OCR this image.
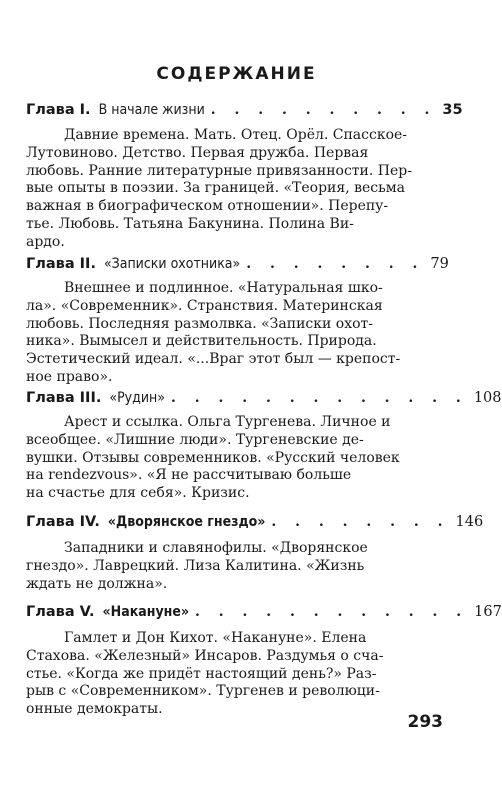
СОДЕРЖАНИЕ
Глава I. В начале жизни . . . . . . . . . . 35
Давние времена. Мать. Отец. Орёл. Спасское-
Лутовиново. Детство. Первая дружба. Первая
любовь. Ранние литературные привязанности. Пер-
вые опыты в поэзии. За границей. «Теория, весьма
важная в биографическом отношении». Перепу-
тье. Любовь. Татьяна Бакунина. Полина Ви-
ардо.
Глава II. «Записки охотника» . . . . . . . . 79
Внешнее и подлинное. «Натуральная шко-
ла». «Современник». Странствия. Материнская
любовь. Последняя размолвка. «Записки охот-
ника». Вымысел и действительность. Природа.
Эстетический идеал. «...Враг этот был — крепост-
ное право».
Глава III. «Рудин» . . . . . . . . . . . . . 108
Арест и ссылка. Ольга Тургенева. Личное и
всеобщее. «Лишние люди». Тургеневские де-
вушки. Отзывы современников. «Русский человек
на rendezvous». «Я не рассчитываю больше
на счастье для себя». Кризис.
Глава IV. «Дворянское гнездо» . . . . . . . . 146
Западники и славянофилы. «Дворянское
гнездо». Лаврецкий. Лиза Калитина. «Жизнь
ждать не должна».
Глава V. «Накануне» . . . . . . . . . . . . 167
Гамлет и Дон Кихот. «Накануне». Елена
Стахова. «Железный» Инсаров. Раздумья о сча-
стье. «Когда же придёт настоящий день?» Раз-
рыв с «Современником». Тургенев и революци-
онные демократы.
293
